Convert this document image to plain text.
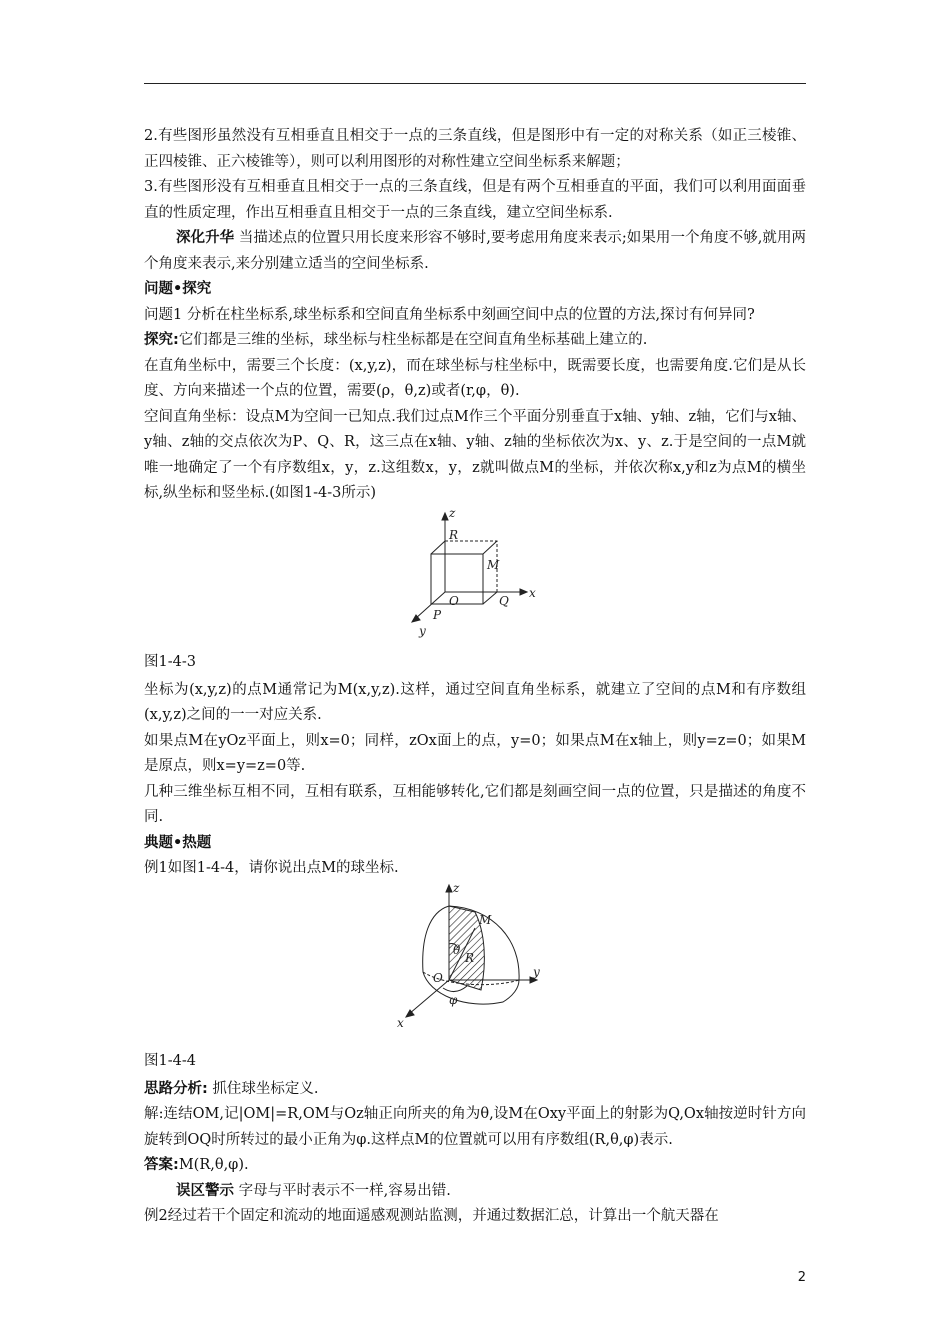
2.有些图形虽然没有互相垂直且相交于一点的三条直线，但是图形中有一定的对称关系（如正三棱锥、正四棱锥、正六棱锥等），则可以利用图形的对称性建立空间坐标系来解题；

3.有些图形没有互相垂直且相交于一点的三条直线，但是有两个互相垂直的平面，我们可以利用面面垂直的性质定理，作出互相垂直且相交于一点的三条直线，建立空间坐标系.

深化升华 当描述点的位置只用长度来形容不够时,要考虑用角度来表示;如果用一个角度不够,就用两个角度来表示,来分别建立适当的空间坐标系.

问题•探究

问题1 分析在柱坐标系,球坐标系和空间直角坐标系中刻画空间中点的位置的方法,探讨有何异同?

探究:它们都是三维的坐标，球坐标与柱坐标都是在空间直角坐标基础上建立的.

在直角坐标中，需要三个长度：(x,y,z)，而在球坐标与柱坐标中，既需要长度，也需要角度.它们是从长度、方向来描述一个点的位置，需要(ρ，θ,z)或者(r,φ，θ).

空间直角坐标：设点M为空间一已知点.我们过点M作三个平面分别垂直于x轴、y轴、z轴，它们与x轴、y轴、z轴的交点依次为P、Q、R，这三点在x轴、y轴、z轴的坐标依次为x、y、z.于是空间的一点M就唯一地确定了一个有序数组x，y，z.这组数x，y，z就叫做点M的坐标，并依次称x,y和z为点M的横坐标,纵坐标和竖坐标.(如图1-4-3所示)

z
R
M
O	Q
x
P
y

图1-4-3

坐标为(x,y,z)的点M通常记为M(x,y,z).这样，通过空间直角坐标系，就建立了空间的点M和有序数组(x,y,z)之间的一一对应关系.

如果点M在yOz平面上，则x=0；同样，zOx面上的点，y=0；如果点M在x轴上，则y=z=0；如果M是原点，则x=y=z=0等.

几种三维坐标互相不同，互相有联系，互相能够转化,它们都是刻画空间一点的位置，只是描述的角度不同.

典题•热题

例1如图1-4-4，请你说出点M的球坐标.

z
M
θ
R
O
φ
y
x

图1-4-4

思路分析: 抓住球坐标定义.

解:连结OM,记|OM|=R,OM与Oz轴正向所夹的角为θ,设M在Oxy平面上的射影为Q,Ox轴按逆时针方向旋转到OQ时所转过的最小正角为φ.这样点M的位置就可以用有序数组(R,θ,φ)表示.

答案:M(R,θ,φ).

误区警示 字母与平时表示不一样,容易出错.

例2经过若干个固定和流动的地面遥感观测站监测，并通过数据汇总，计算出一个航天器在

2
